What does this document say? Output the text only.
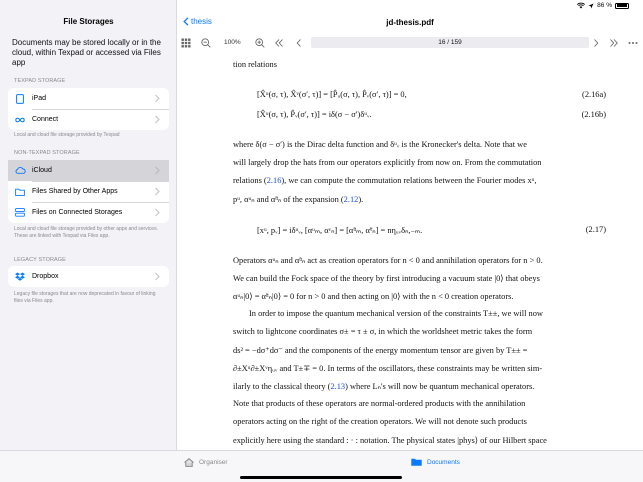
86 %
File Storages
Documents may be stored locally or in the cloud, within Texpad or accessed via Files app
TEXPAD STORAGE
iPad
Connect
Local and cloud file storage provided by Texpad
NON-TEXPAD STORAGE
iCloud
Files Shared by Other Apps
Files on Connected Storages
Local and cloud file storage provided by other apps and services. These are linked with Texpad via Files app.
LEGACY STORAGE
Dropbox
Legacy file storages that are now deprecated in favour of linking files via Files app.
thesis	jd-thesis.pdf
100%	16 / 159
tion relations
[X̂ᵘ(σ, τ), X̂ᵛ(σ′, τ)] = [P̂ᵤ(σ, τ), P̂ᵥ(σ′, τ)] = 0,	(2.16a)
[X̂ᵘ(σ, τ), P̂ᵥ(σ′, τ)] = iδ(σ − σ′)δᵘᵥ.	(2.16b)
where δ(σ − σ′) is the Dirac delta function and δᵘᵥ is the Kronecker's delta. Note that we
will largely drop the hats from our operators explicitly from now on. From the commutation
relations (2.16), we can compute the commutation relations between the Fourier modes xᵘ,
pᵘ, αᵘₙ and α̃ᵘₙ of the expansion (2.12).
[xᵘ, pᵥ] = iδᵘᵥ, [αᵘₘ, αᵛₙ] = [α̃ᵘₘ, α̃ᵛₙ] = nηᵤᵥδₙ,₋ₘ.	(2.17)
Operators αᵘₙ and α̃ᵘₙ act as creation operators for n < 0 and annihilation operators for n > 0.
We can build the Fock space of the theory by first introducing a vacuum state |0⟩ that obeys
αᵘₙ|0⟩ = α̃ᵘₙ|0⟩ = 0 for n > 0 and then acting on |0⟩ with the n < 0 creation operators.
In order to impose the quantum mechanical version of the constraints T±±, we will now
switch to lightcone coordinates σ± = τ ± σ, in which the worldsheet metric takes the form
ds² = −dσ⁺dσ⁻ and the components of the energy momentum tensor are given by T±± =
∂±Xᵘ∂±Xᵛηᵤᵥ and T±∓ = 0. In terms of the oscillators, these constraints may be written sim-
ilarly to the classical theory (2.13) where Lₙ's will now be quantum mechanical operators.
Note that products of these operators are normal-ordered products with the annihilation
operators acting on the right of the creation operators. We will not denote such products
explicitly here using the standard : · : notation. The physical states |phys⟩ of our Hilbert space
Organiser	Documents
